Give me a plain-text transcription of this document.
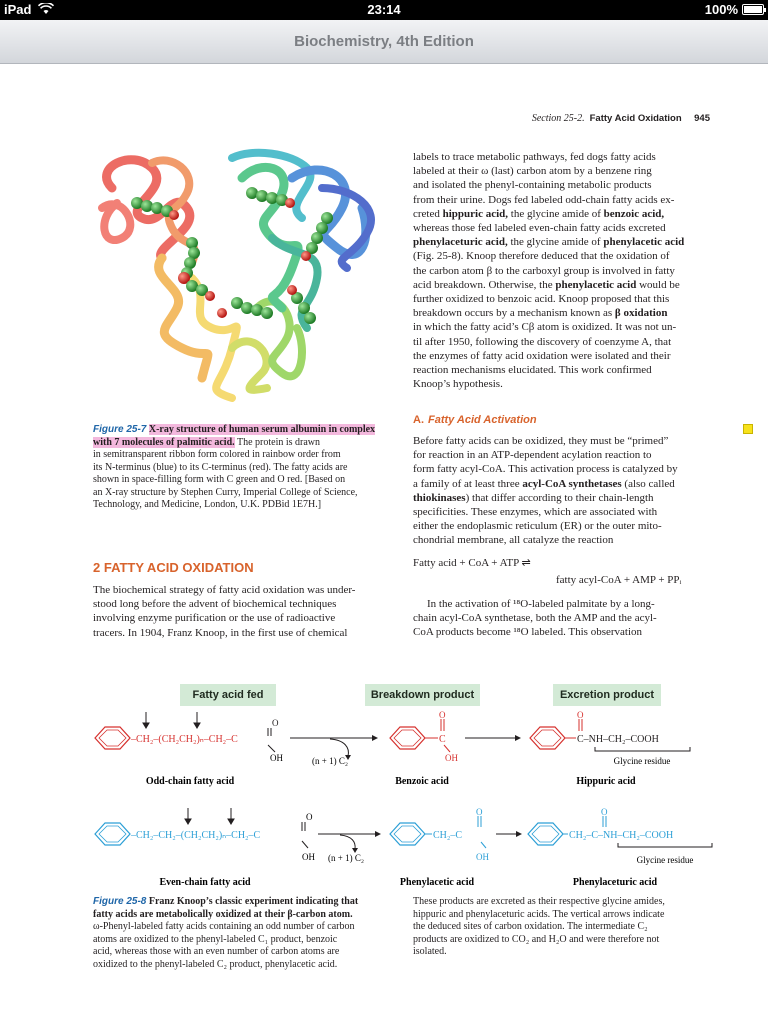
iPad	23:14	100%
Biochemistry, 4th Edition
Section 25-2. Fatty Acid Oxidation 945
Figure 25-7 X-ray structure of human serum albumin in complex with 7 molecules of palmitic acid. The protein is drawn
in semitransparent ribbon form colored in rainbow order from
its N-terminus (blue) to its C-terminus (red). The fatty acids are
shown in space-filling form with C green and O red. [Based on
an X-ray structure by Stephen Curry, Imperial College of Science,
Technology, and Medicine, London, U.K. PDBid 1E7H.]
2 FATTY ACID OXIDATION
The biochemical strategy of fatty acid oxidation was under-
stood long before the advent of biochemical techniques
involving enzyme purification or the use of radioactive
tracers. In 1904, Franz Knoop, in the first use of chemical
labels to trace metabolic pathways, fed dogs fatty acids
labeled at their ω (last) carbon atom by a benzene ring
and isolated the phenyl-containing metabolic products
from their urine. Dogs fed labeled odd-chain fatty acids ex-
creted hippuric acid, the glycine amide of benzoic acid,
whereas those fed labeled even-chain fatty acids excreted
phenylaceturic acid, the glycine amide of phenylacetic acid
(Fig. 25-8). Knoop therefore deduced that the oxidation of
the carbon atom β to the carboxyl group is involved in fatty
acid breakdown. Otherwise, the phenylacetic acid would be
further oxidized to benzoic acid. Knoop proposed that this
breakdown occurs by a mechanism known as β oxidation
in which the fatty acid’s Cβ atom is oxidized. It was not un-
til after 1950, following the discovery of coenzyme A, that
the enzymes of fatty acid oxidation were isolated and their
reaction mechanisms elucidated. This work confirmed
Knoop’s hypothesis.
A. Fatty Acid Activation
Before fatty acids can be oxidized, they must be “primed”
for reaction in an ATP-dependent acylation reaction to
form fatty acyl-CoA. This activation process is catalyzed by
a family of at least three acyl-CoA synthetases (also called
thiokinases) that differ according to their chain-length
specificities. These enzymes, which are associated with
either the endoplasmic reticulum (ER) or the outer mito-
chondrial membrane, all catalyze the reaction
Fatty acid + CoA + ATP ⇌
fatty acyl-CoA + AMP + PPᵢ
In the activation of ¹⁸O-labeled palmitate by a long-
chain acyl-CoA synthetase, both the AMP and the acyl-
CoA products become ¹⁸O labeled. This observation
Fatty acid fed	Breakdown product	Excretion product
–CH₂–(CH₂CH₂)ₙ–CH₂–C
O
OH	(n + 1) C₂
C
O
OH
O
C–NH–CH₂–COOH
Glycine residue
Odd-chain fatty acid	Benzoic acid	Hippuric acid
–CH₂–CH₂–(CH₂CH₂)ₙ–CH₂–C
O
OH (n + 1) C₂
CH₂–C
O
OH
CH₂–C–NH–CH₂–COOH
O
Glycine residue
Even-chain fatty acid	Phenylacetic acid	Phenylaceturic acid
Figure 25-8 Franz Knoop’s classic experiment indicating that
fatty acids are metabolically oxidized at their β-carbon atom.
ω-Phenyl-labeled fatty acids containing an odd number of carbon
atoms are oxidized to the phenyl-labeled C₁ product, benzoic
acid, whereas those with an even number of carbon atoms are
oxidized to the phenyl-labeled C₂ product, phenylacetic acid.
These products are excreted as their respective glycine amides,
hippuric and phenylaceturic acids. The vertical arrows indicate
the deduced sites of carbon oxidation. The intermediate C₂
products are oxidized to CO₂ and H₂O and were therefore not
isolated.
